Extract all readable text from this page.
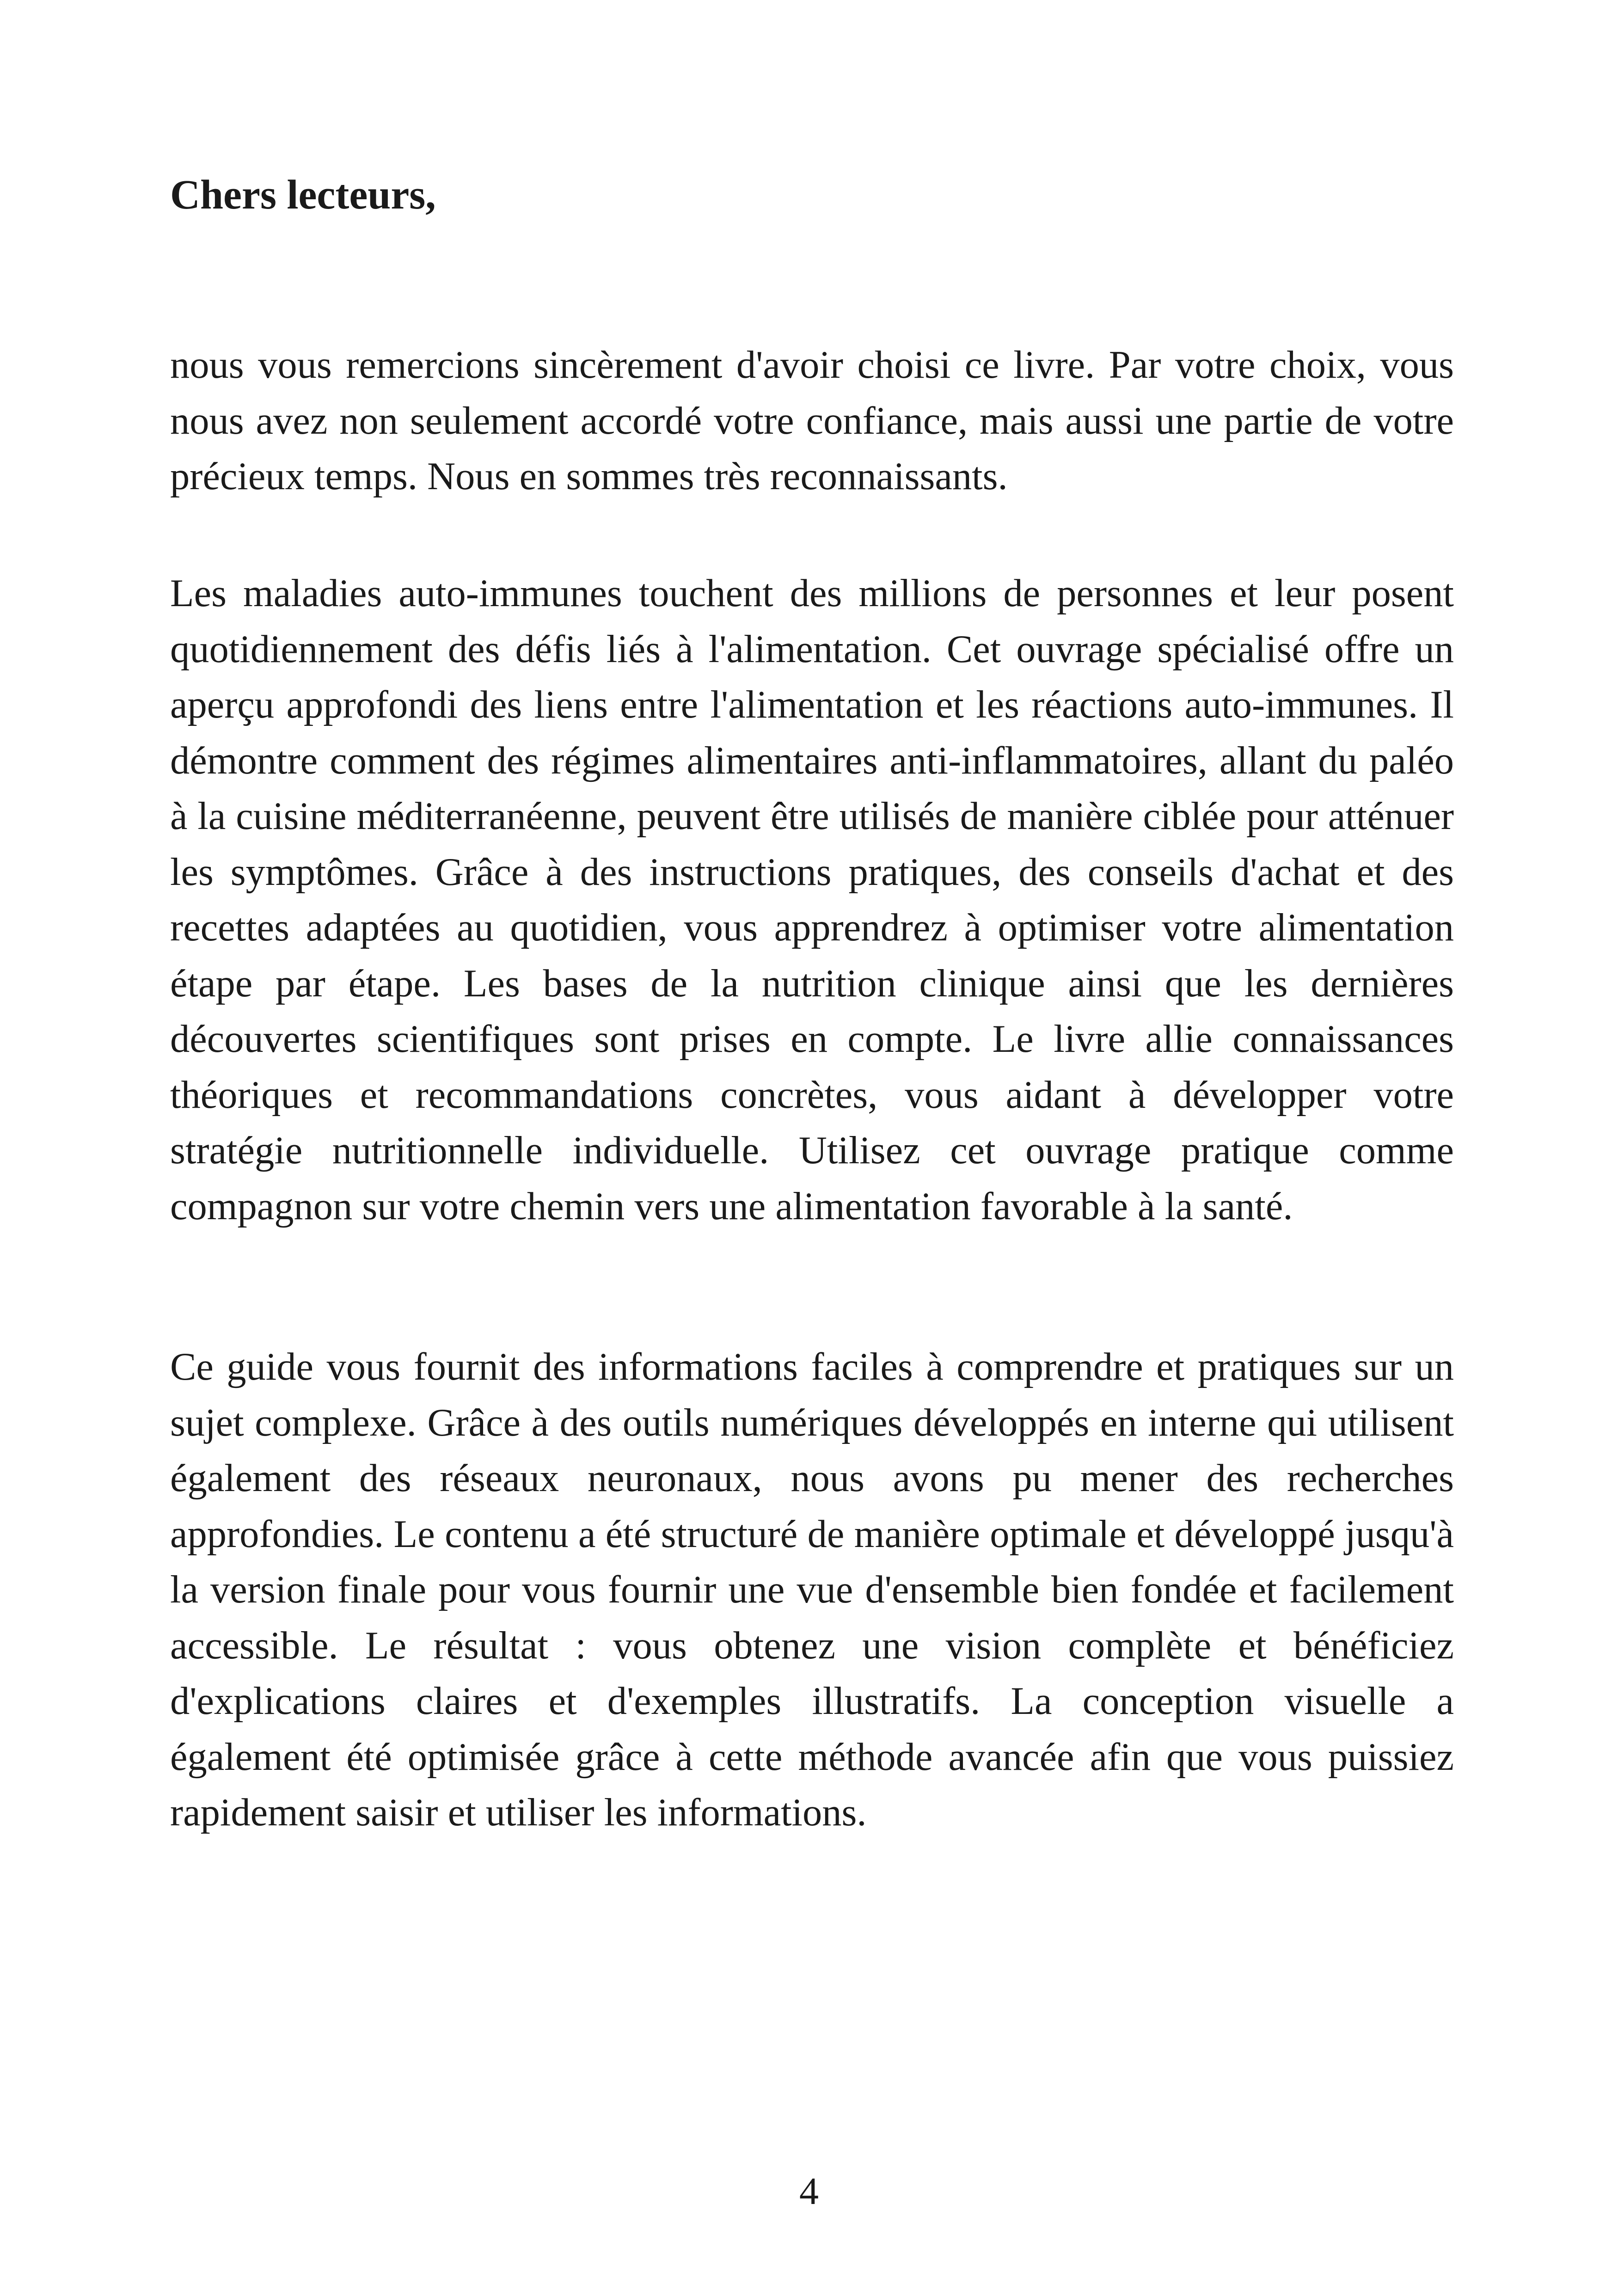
Chers lecteurs,

nous vous remercions sincèrement d'avoir choisi ce livre. Par votre choix, vous nous avez non seulement accordé votre confiance, mais aussi une partie de votre précieux temps. Nous en sommes très reconnaissants.

Les maladies auto-immunes touchent des millions de personnes et leur posent quotidiennement des défis liés à l'alimentation. Cet ouvrage spécialisé offre un aperçu approfondi des liens entre l'alimentation et les réactions auto-immunes. Il démontre comment des régimes alimentaires anti-inflammatoires, allant du paléo à la cuisine méditerranéenne, peuvent être utilisés de manière ciblée pour atténuer les symptômes. Grâce à des instructions pratiques, des conseils d'achat et des recettes adaptées au quotidien, vous apprendrez à optimiser votre alimentation étape par étape. Les bases de la nutrition clinique ainsi que les dernières découvertes scientifiques sont prises en compte. Le livre allie connaissances théoriques et recommandations concrètes, vous aidant à développer votre stratégie nutritionnelle individuelle. Utilisez cet ouvrage pratique comme compagnon sur votre chemin vers une alimentation favorable à la santé.

Ce guide vous fournit des informations faciles à comprendre et pratiques sur un sujet complexe. Grâce à des outils numériques développés en interne qui utilisent également des réseaux neuronaux, nous avons pu mener des recherches approfondies. Le contenu a été structuré de manière optimale et développé jusqu'à la version finale pour vous fournir une vue d'ensemble bien fondée et facilement accessible. Le résultat : vous obtenez une vision complète et bénéficiez d'explications claires et d'exemples illustratifs. La conception visuelle a également été optimisée grâce à cette méthode avancée afin que vous puissiez rapidement saisir et utiliser les informations.

4
